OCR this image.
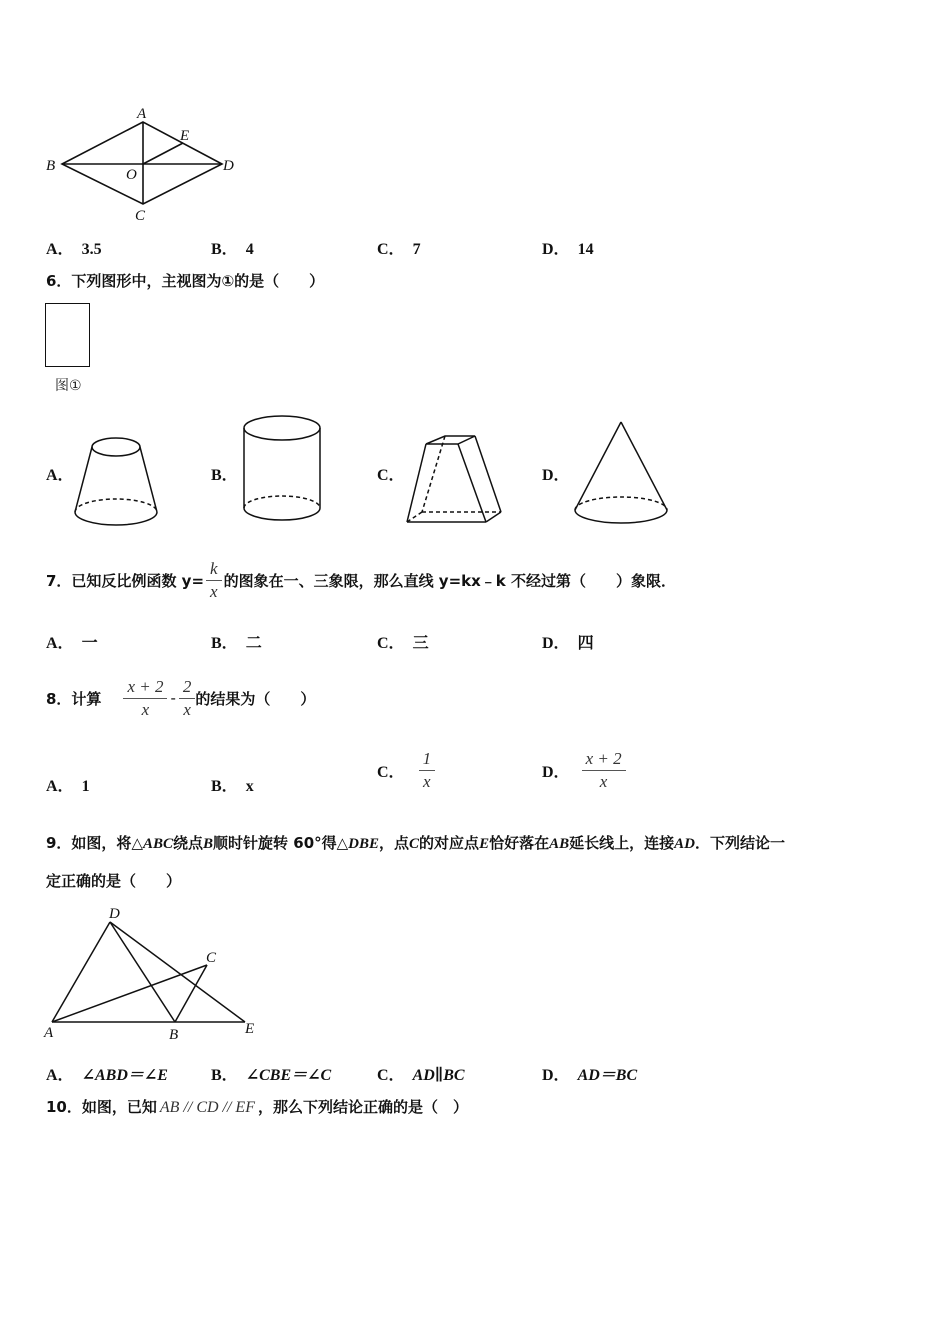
A
B
C
D
E
O
A． 3.5	B． 4	C． 7	D． 14
6．下列图形中，主视图为①的是（　　）
图①
A．	B．	C．	D．
7．已知反比例函数 $y= \frac{k}{x}$ 的图象在一、三象限，那么直线 y=kx﹣k 不经过第（　　）象限．
A． 一	B． 二	C． 三	D． 四
8．计算 $\frac{x + 2}{x} - \frac{2}{x}$ 的结果为（　　）
A． 1	B． x
C． $\frac{1}{x}$	D． $\frac{x + 2}{x}$
9．如图，将△ABC绕点B顺时针旋转 60°得△DBE，点C的对应点E恰好落在AB延长线上，连接AD．下列结论一
定正确的是（　　）
A	B
C
D
E
A． ∠ABD＝∠E	B． ∠CBE＝∠C	C． AD∥BC	D． AD＝BC
10．如图，已知 AB // CD // EF ，那么下列结论正确的是（　）
